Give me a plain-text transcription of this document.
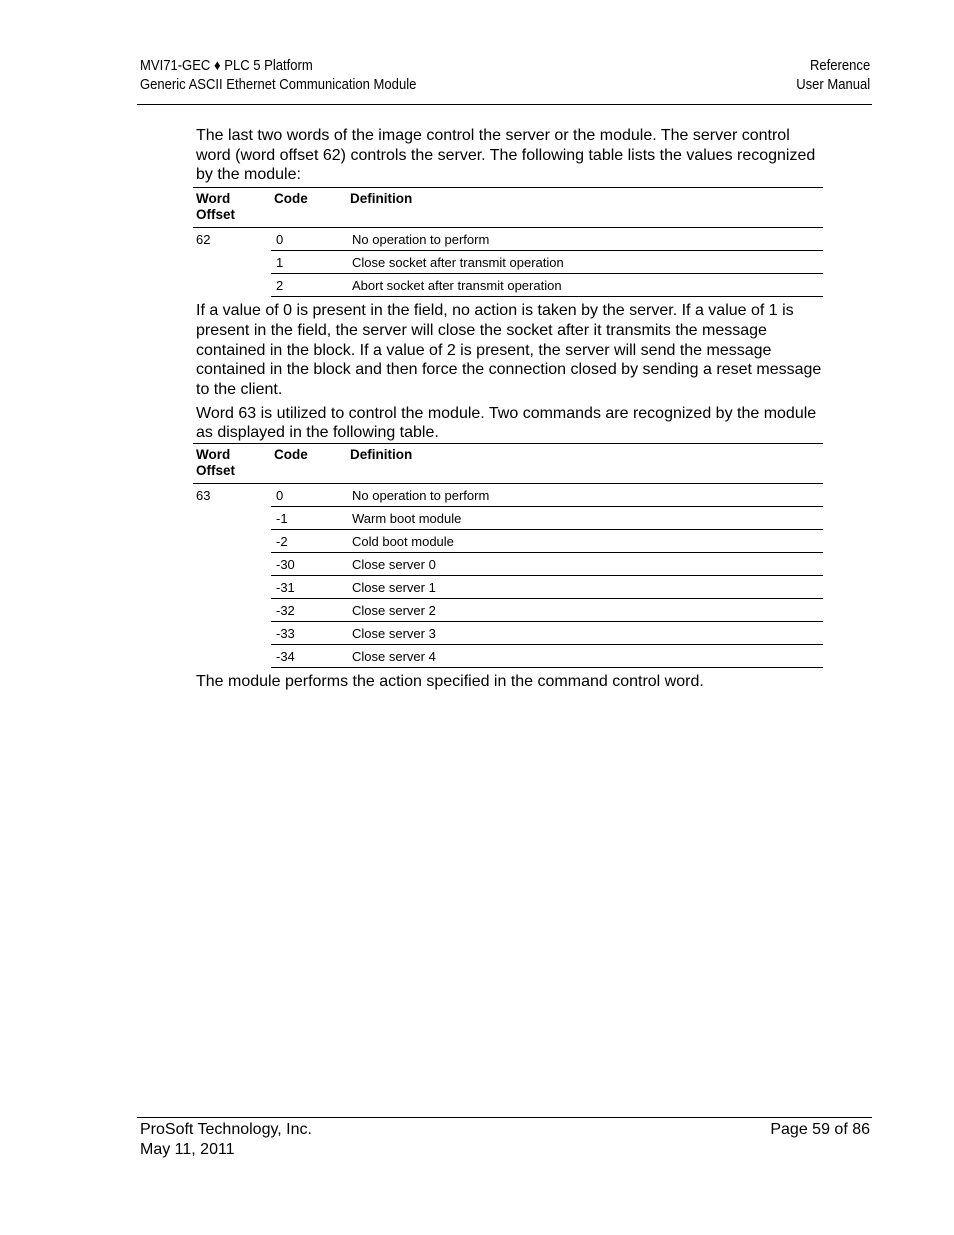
MVI71-GEC ♦ PLC 5 Platform
Generic ASCII Ethernet Communication Module
Reference
User Manual

The last two words of the image control the server or the module. The server control word (word offset 62) controls the server. The following table lists the values recognized by the module:

Word
Offset	Code	Definition
62	0	No operation to perform
	1	Close socket after transmit operation
	2	Abort socket after transmit operation

If a value of 0 is present in the field, no action is taken by the server. If a value of 1 is present in the field, the server will close the socket after it transmits the message contained in the block. If a value of 2 is present, the server will send the message contained in the block and then force the connection closed by sending a reset message to the client.

Word 63 is utilized to control the module. Two commands are recognized by the module as displayed in the following table.

Word
Offset	Code	Definition
63	0	No operation to perform
	-1	Warm boot module
	-2	Cold boot module
	-30	Close server 0
	-31	Close server 1
	-32	Close server 2
	-33	Close server 3
	-34	Close server 4

The module performs the action specified in the command control word.

ProSoft Technology, Inc.
May 11, 2011
Page 59 of 86
